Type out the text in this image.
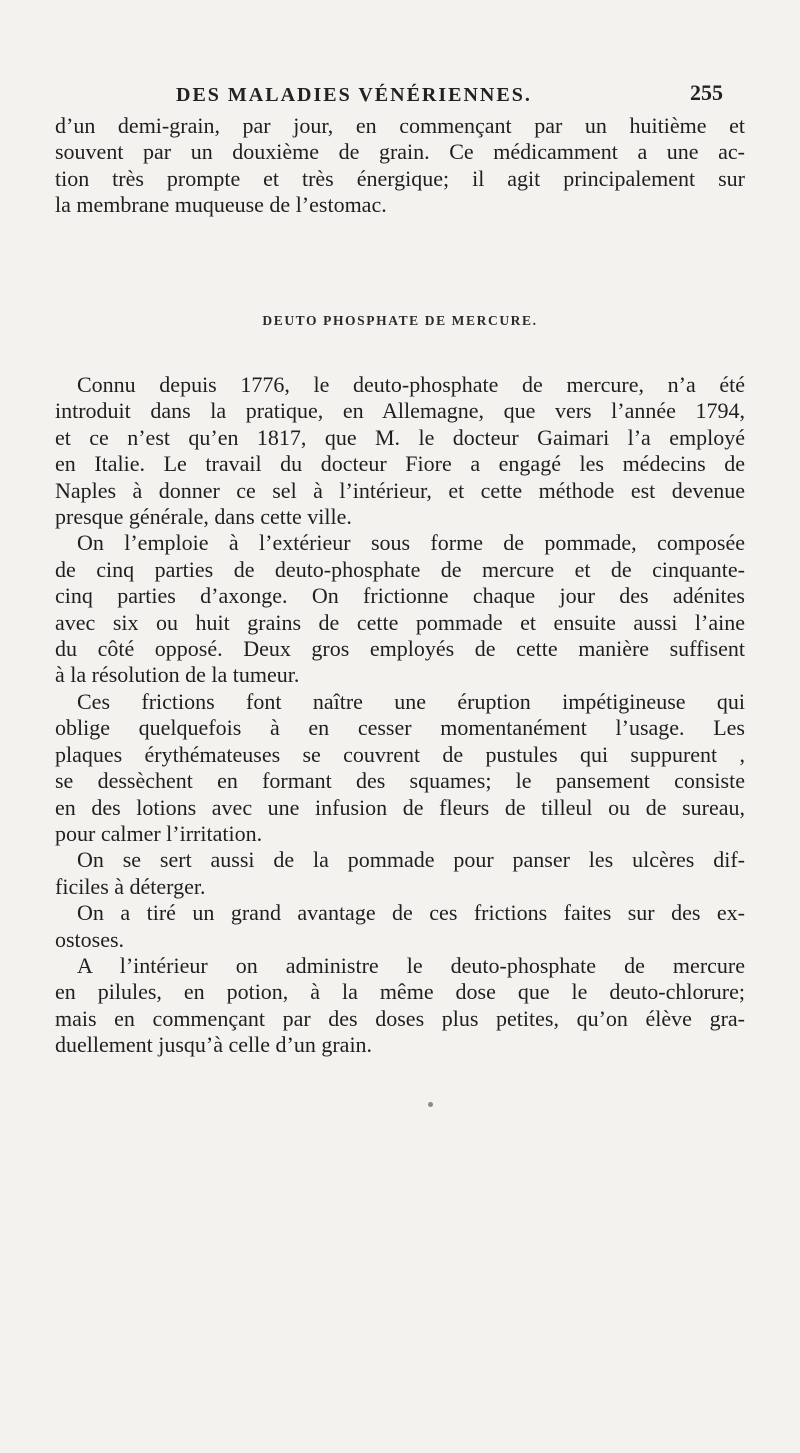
DES MALADIES VÉNÉRIENNES.	255

d’un demi-grain, par jour, en commençant par un huitième et

souvent par un douxième de grain. Ce médicamment a une ac-

tion très prompte et très énergique; il agit principalement sur

la membrane muqueuse de l’estomac.

DEUTO PHOSPHATE DE MERCURE.

Connu depuis 1776, le deuto-phosphate de mercure, n’a été

introduit dans la pratique, en Allemagne, que vers l’année 1794,

et ce n’est qu’en 1817, que M. le docteur Gaimari l’a employé

en Italie. Le travail du docteur Fiore a engagé les médecins de

Naples à donner ce sel à l’intérieur, et cette méthode est devenue

presque générale, dans cette ville.

On l’emploie à l’extérieur sous forme de pommade, composée

de cinq parties de deuto-phosphate de mercure et de cinquante-

cinq parties d’axonge. On frictionne chaque jour des adénites

avec six ou huit grains de cette pommade et ensuite aussi l’aine

du côté opposé. Deux gros employés de cette manière suffisent

à la résolution de la tumeur.

Ces frictions font naître une éruption impétigineuse qui

oblige quelquefois à en cesser momentanément l’usage. Les

plaques érythémateuses se couvrent de pustules qui suppurent ,

se dessèchent en formant des squames; le pansement consiste

en des lotions avec une infusion de fleurs de tilleul ou de sureau,

pour calmer l’irritation.

On se sert aussi de la pommade pour panser les ulcères dif-

ficiles à déterger.

On a tiré un grand avantage de ces frictions faites sur des ex-

ostoses.

A l’intérieur on administre le deuto-phosphate de mercure

en pilules, en potion, à la même dose que le deuto-chlorure;

mais en commençant par des doses plus petites, qu’on élève gra-

duellement jusqu’à celle d’un grain.
